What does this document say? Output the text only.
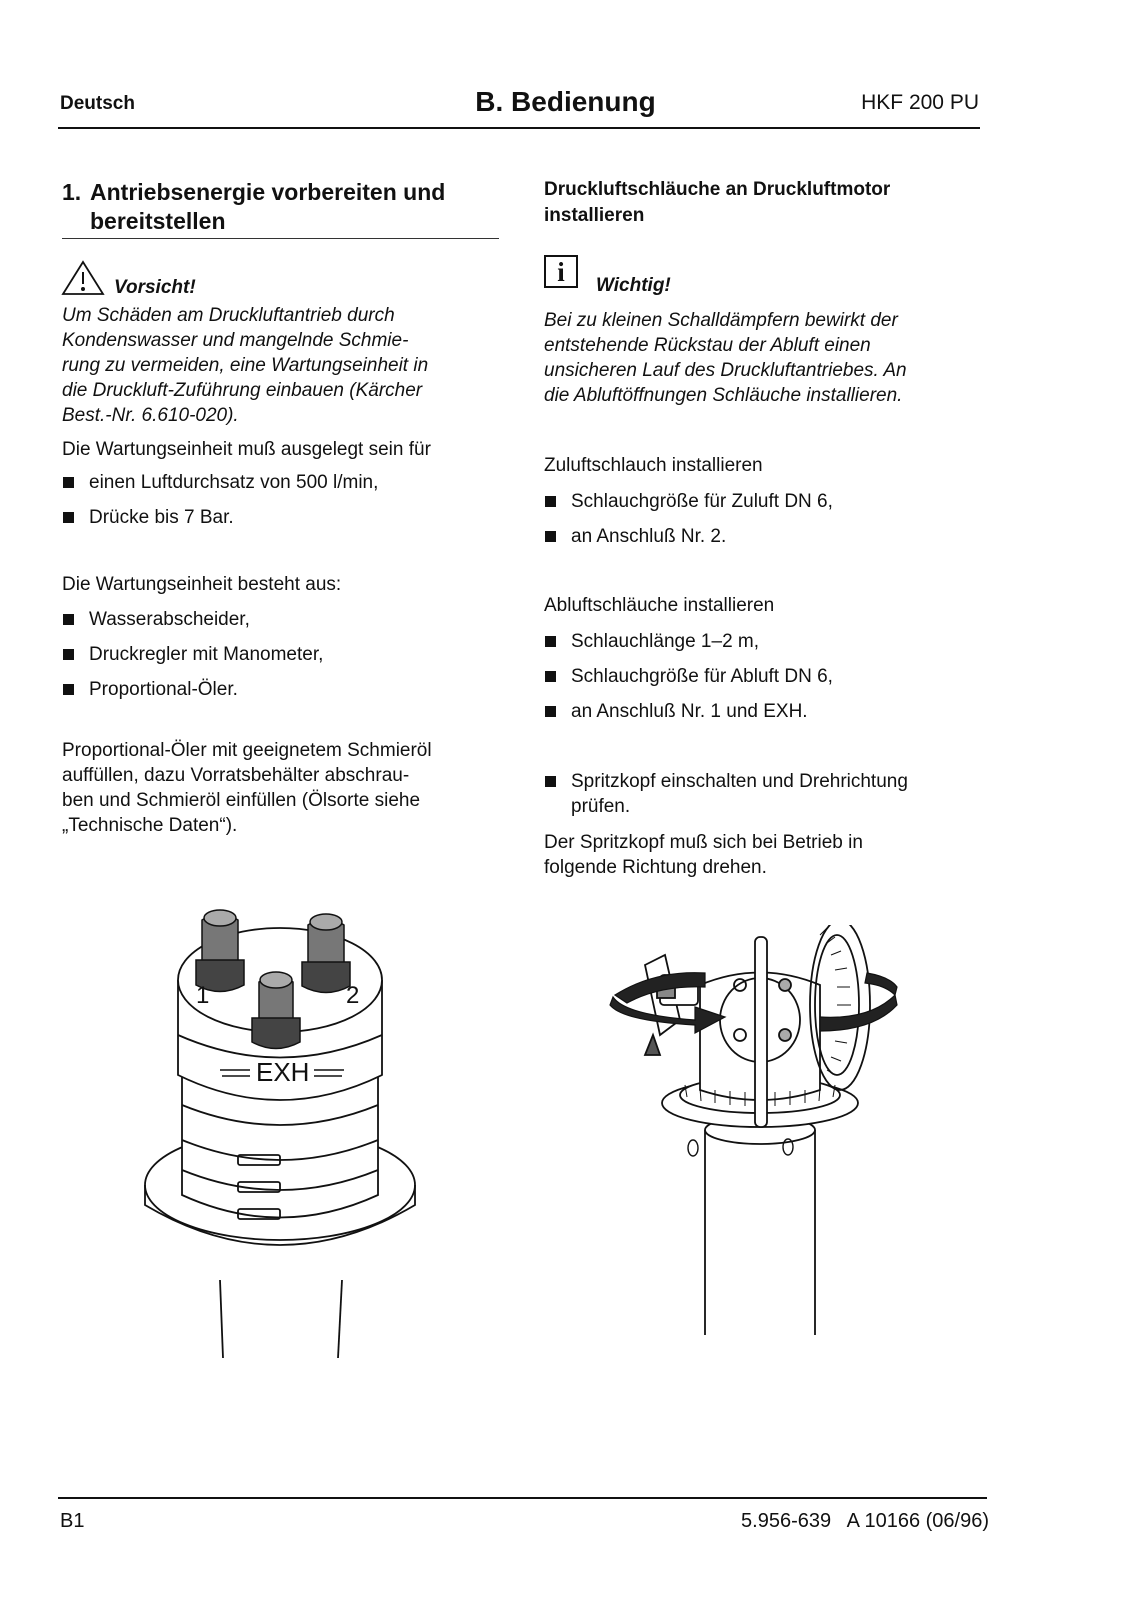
Deutsch	B. Bedienung	HKF 200 PU
1. Antriebsenergie vorbereiten und
bereitstellen
Vorsicht!
Um Schäden am Druckluftantrieb durch
Kondenswasser und mangelnde Schmie-
rung zu vermeiden, eine Wartungseinheit in
die Druckluft-Zuführung einbauen (Kärcher
Best.-Nr. 6.610-020).
Die Wartungseinheit muß ausgelegt sein für
einen Luftdurchsatz von 500 l/min,
Drücke bis 7 Bar.
Die Wartungseinheit besteht aus:
Wasserabscheider,
Druckregler mit Manometer,
Proportional-Öler.
Proportional-Öler mit geeignetem Schmieröl
auffüllen, dazu Vorratsbehälter abschrau-
ben und Schmieröl einfüllen (Ölsorte siehe
„Technische Daten“).
1	2
EXH
Druckluftschläuche an Druckluftmotor
installieren
i	Wichtig!
Bei zu kleinen Schalldämpfern bewirkt der
entstehende Rückstau der Abluft einen
unsicheren Lauf des Druckluftantriebes. An
die Abluftöffnungen Schläuche installieren.
Zuluftschlauch installieren
Schlauchgröße für Zuluft DN 6,
an Anschluß Nr. 2.
Abluftschläuche installieren
Schlauchlänge 1–2 m,
Schlauchgröße für Abluft DN 6,
an Anschluß Nr. 1 und EXH.
Spritzkopf einschalten und Drehrichtung
prüfen.
Der Spritzkopf muß sich bei Betrieb in
folgende Richtung drehen.
B1	5.956-639   A 10166 (06/96)
